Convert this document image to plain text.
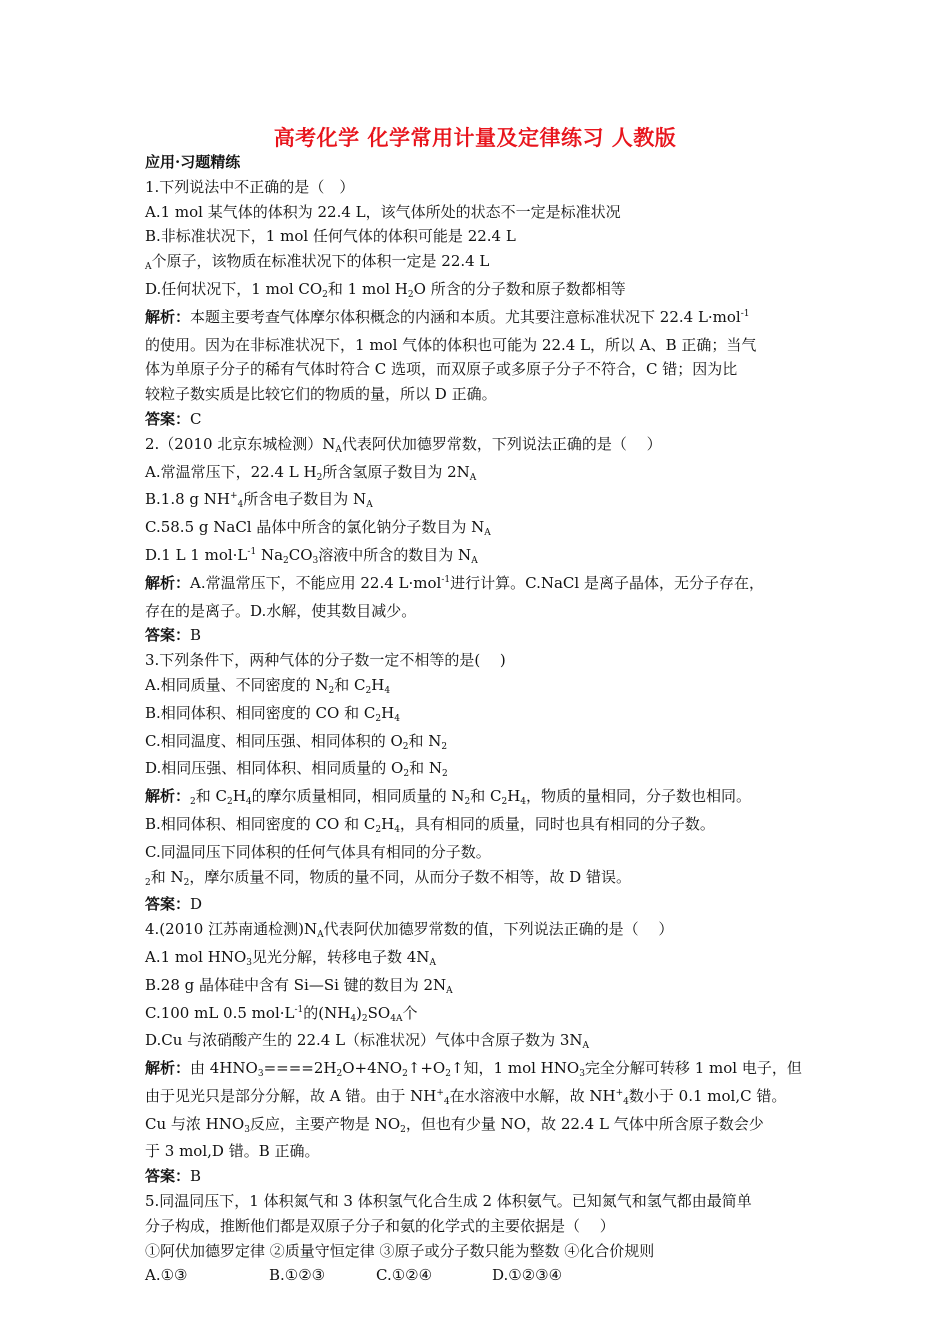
高考化学 化学常用计量及定律练习 人教版
应用·习题精练
1.下列说法中不正确的是（　）
A.1 mol 某气体的体积为 22.4 L，该气体所处的状态不一定是标准状况
B.非标准状况下，1 mol 任何气体的体积可能是 22.4 L
$_A$个原子，该物质在标准状况下的体积一定是 22.4 L
D.任何状况下，1 mol $CO_2$和 1 mol $H_2O$ 所含的分子数和原子数都相等
解析：本题主要考查气体摩尔体积概念的内涵和本质。尤其要注意标准状况下 22.4 L·mol$^{-1}$
的使用。因为在非标准状况下，1 mol 气体的体积也可能为 22.4 L，所以 A、B 正确；当气
体为单原子分子的稀有气体时符合 C 选项，而双原子或多原子分子不符合，C 错；因为比
较粒子数实质是比较它们的物质的量，所以 D 正确。
答案：C
2.（2010 北京东城检测）$N_A$代表阿伏加德罗常数，下列说法正确的是（　 ）
A.常温常压下，22.4 L $H_2$所含氢原子数目为 $2N_A$
B.1.8 g $NH^+_4$所含电子数目为 $N_A$
C.58.5 g NaCl 晶体中所含的氯化钠分子数目为 $N_A$
D.1 L 1 $mol\cdot L^{-1}$ $Na_2CO_3$溶液中所含的数目为 $N_A$
解析：A.常温常压下，不能应用 22.4 L·mol$^{-1}$进行计算。C.NaCl 是离子晶体，无分子存在，
存在的是离子。D.水解，使其数目减少。
答案：B
3.下列条件下，两种气体的分子数一定不相等的是(　 )
A.相同质量、不同密度的 $N_2$和 $C_2H_4$
B.相同体积、相同密度的 CO 和 $C_2H_4$
C.相同温度、相同压强、相同体积的 $O_2$和 $N_2$
D.相同压强、相同体积、相同质量的 $O_2$和 $N_2$
解析：$_2$和 $C_2H_4$的摩尔质量相同，相同质量的 $N_2$和 $C_2H_4$，物质的量相同，分子数也相同。
B.相同体积、相同密度的 CO 和 $C_2H_4$，具有相同的质量，同时也具有相同的分子数。
C.同温同压下同体积的任何气体具有相同的分子数。
$_2$和 $N_2$，摩尔质量不同，物质的量不同，从而分子数不相等，故 D 错误。
答案：D
4.(2010 江苏南通检测)$N_A$代表阿伏加德罗常数的值，下列说法正确的是（　 ）
A.1 mol $HNO_3$见光分解，转移电子数 $4N_A$
B.28 g 晶体硅中含有 Si—Si 键的数目为 $2N_A$
C.100 mL 0.5 $mol\cdot L^{-1}$的$(NH_4)_2SO_{4A}$个
D.Cu 与浓硝酸产生的 22.4 L（标准状况）气体中含原子数为 $3N_A$
解析：由 $4HNO_3====2H_2O+4NO_2↑+O_2↑$知，1 mol $HNO_3$完全分解可转移 1 mol 电子，但
由于见光只是部分分解，故 A 错。由于 $NH^+_4$在水溶液中水解，故 $NH^+_4$数小于 0.1 mol,C 错。
Cu 与浓 $HNO_3$反应，主要产物是 $NO_2$，但也有少量 NO，故 22.4 L 气体中所含原子数会少
于 3 mol,D 错。B 正确。
答案：B
5.同温同压下，1 体积氮气和 3 体积氢气化合生成 2 体积氨气。已知氮气和氢气都由最简单
分子构成，推断他们都是双原子分子和氨的化学式的主要依据是（　 ）
①阿伏加德罗定律 ②质量守恒定律 ③原子或分子数只能为整数 ④化合价规则
A.①③	B.①②③	C.①②④	D.①②③④
